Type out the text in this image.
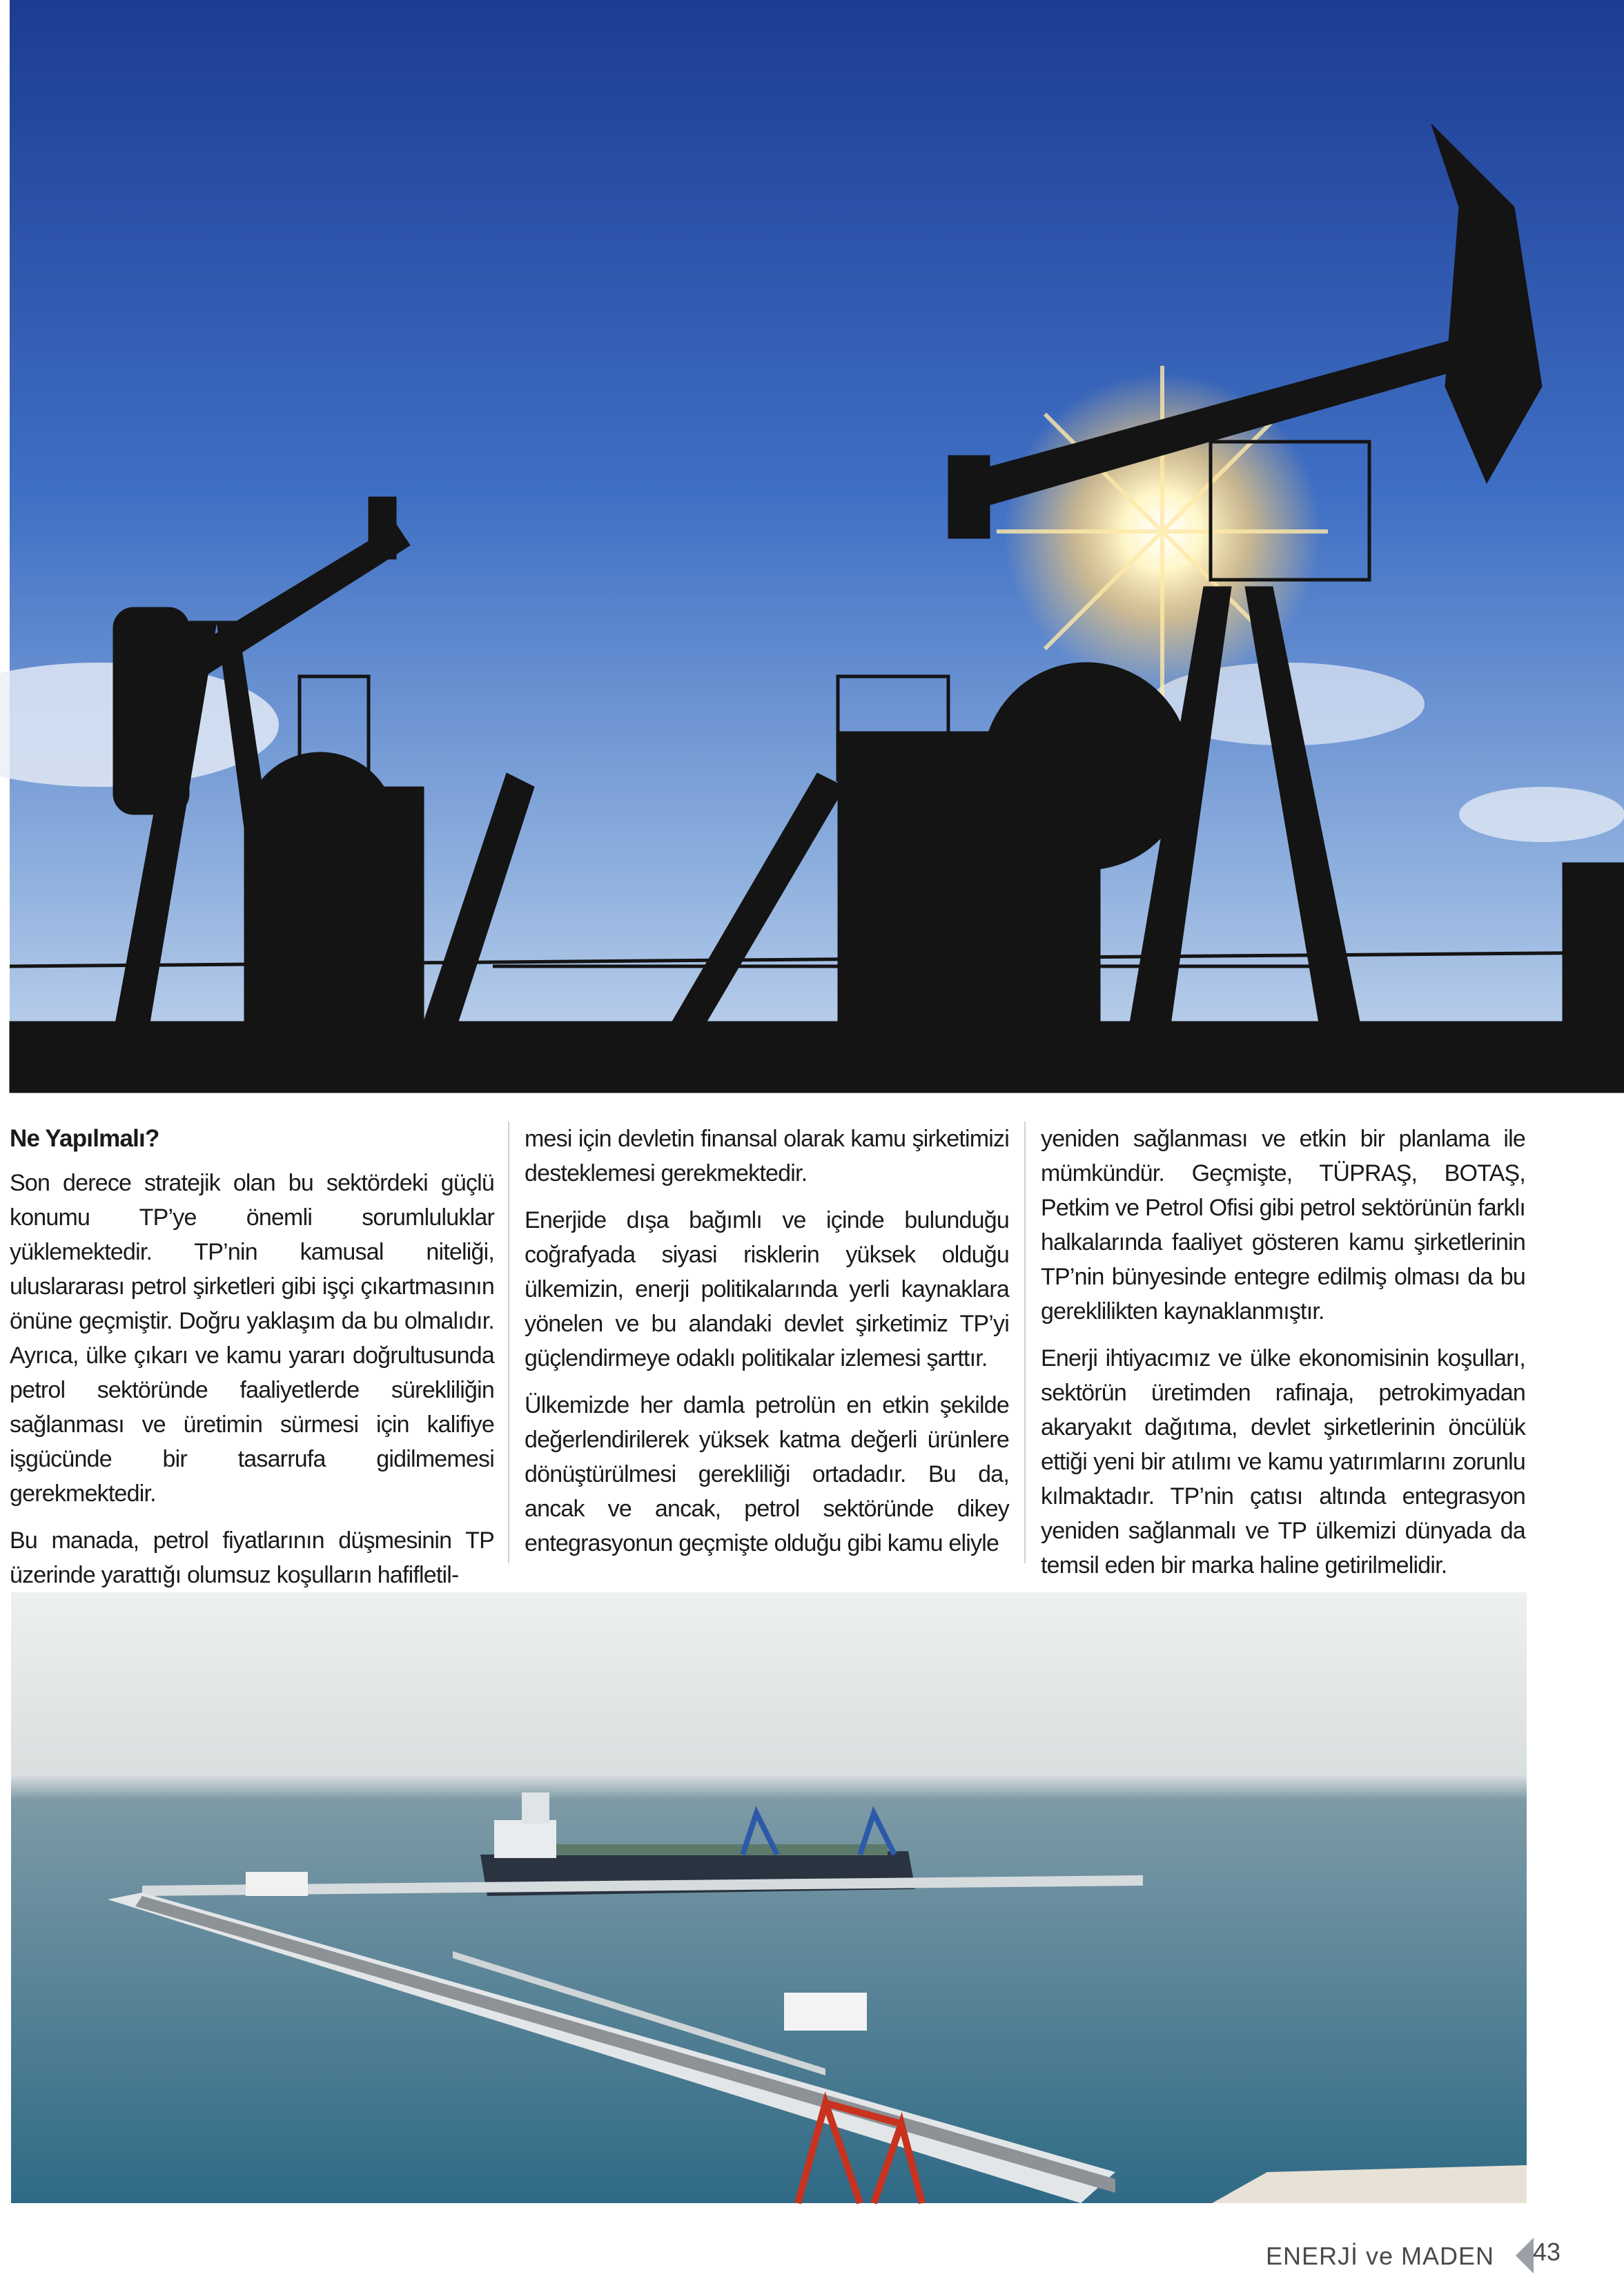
Ne Yapılmalı?

Son derece stratejik olan bu sektördeki güçlü konumu TP’ye önemli sorumluluklar yüklemektedir. TP’nin kamusal niteliği, uluslararası petrol şirketleri gibi işçi çıkartmasının önüne geçmiştir. Doğru yaklaşım da bu olmalıdır. Ayrıca, ülke çıkarı ve kamu yararı doğrultusunda petrol sektöründe faaliyetlerde sürekliliğin sağlanması ve üretimin sürmesi için kalifiye işgücünde bir tasarrufa gidilmemesi gerekmektedir.

Bu manada, petrol fiyatlarının düşmesinin TP üzerinde yarattığı olumsuz koşulların hafifletil-

mesi için devletin finansal olarak kamu şirketimizi desteklemesi gerekmektedir.

Enerjide dışa bağımlı ve içinde bulunduğu coğrafyada siyasi risklerin yüksek olduğu ülkemizin, enerji politikalarında yerli kaynaklara yönelen ve bu alandaki devlet şirketimiz TP’yi güçlendirmeye odaklı politikalar izlemesi şarttır.

Ülkemizde her damla petrolün en etkin şekilde değerlendirilerek yüksek katma değerli ürünlere dönüştürülmesi gerekliliği ortadadır. Bu da, ancak ve ancak, petrol sektöründe dikey entegrasyonun geçmişte olduğu gibi kamu eliyle

yeniden sağlanması ve etkin bir planlama ile mümkündür. Geçmişte, TÜPRAŞ, BOTAŞ, Petkim ve Petrol Ofisi gibi petrol sektörünün farklı halkalarında faaliyet gösteren kamu şirketlerinin TP’nin bünyesinde entegre edilmiş olması da bu gereklilikten kaynaklanmıştır.

Enerji ihtiyacımız ve ülke ekonomisinin koşulları, sektörün üretimden rafinaja, petrokimyadan akaryakıt dağıtıma, devlet şirketlerinin öncülük ettiği yeni bir atılımı ve kamu yatırımlarını zorunlu kılmaktadır. TP’nin çatısı altında entegrasyon yeniden sağlanmalı ve TP ülkemizi dünyada da temsil eden bir marka haline getirilmelidir.

ENERJİ ve MADEN 43
